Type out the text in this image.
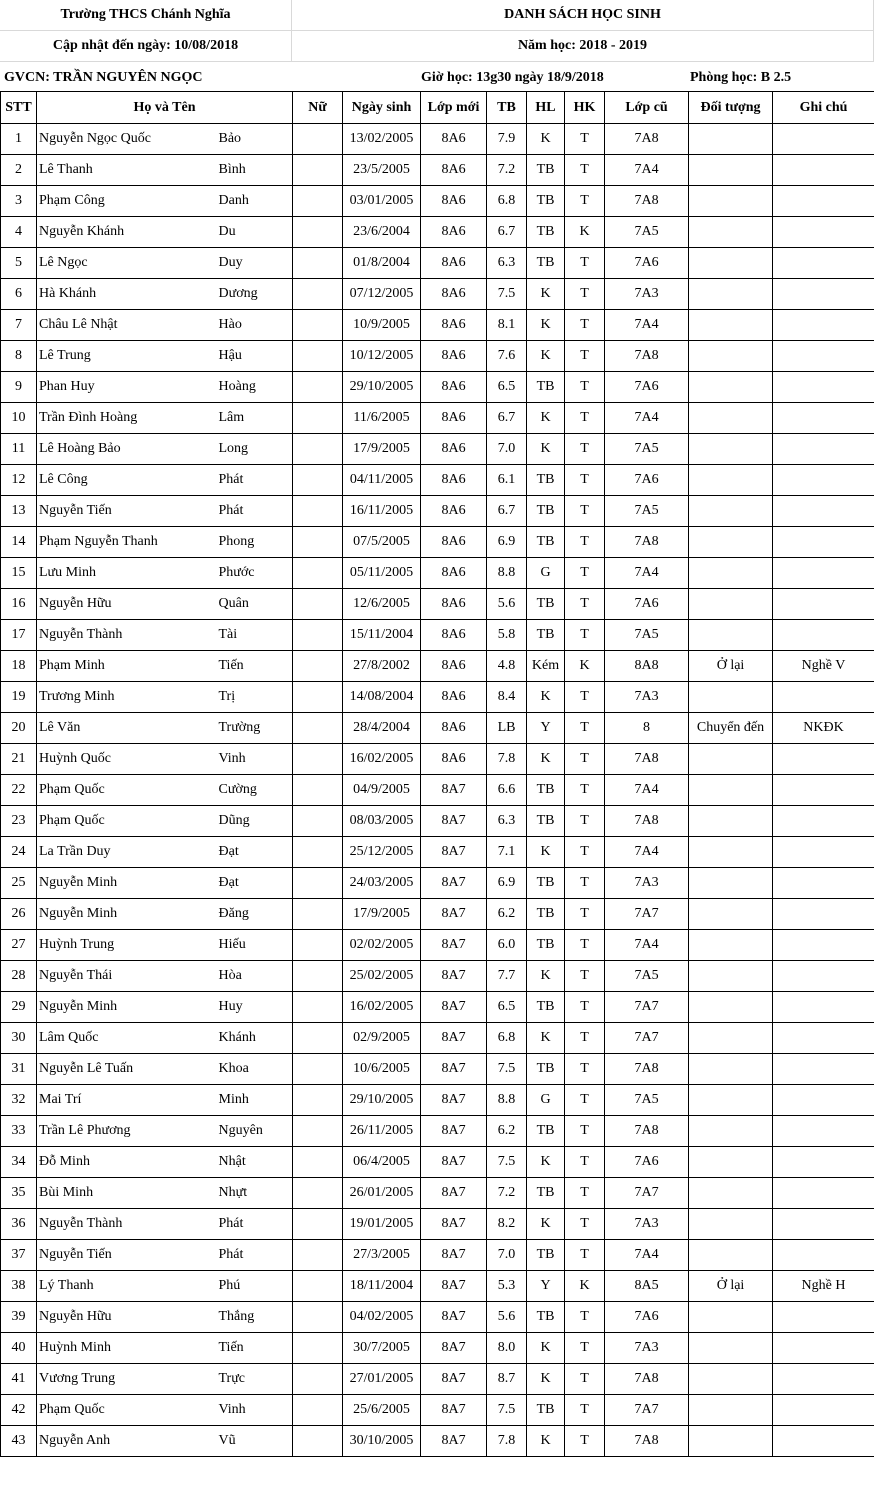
Trường THCS Chánh Nghĩa	DANH SÁCH HỌC SINH
Cập nhật đến ngày: 10/08/2018	Năm học: 2018 - 2019
GVCN: TRẦN NGUYÊN NGỌC	Giờ học: 13g30 ngày 18/9/2018	Phòng học: B 2.5
STT	Họ và Tên		Nữ	Ngày sinh	Lớp mới	TB	HL	HK	Lớp cũ	Đối tượng	Ghi chú
1	Nguyễn Ngọc Quốc	Bảo		13/02/2005	8A6	7.9	K	T	7A8		
2	Lê Thanh	Bình		23/5/2005	8A6	7.2	TB	T	7A4		
3	Phạm Công	Danh		03/01/2005	8A6	6.8	TB	T	7A8		
4	Nguyễn Khánh	Du		23/6/2004	8A6	6.7	TB	K	7A5		
5	Lê Ngọc	Duy		01/8/2004	8A6	6.3	TB	T	7A6		
6	Hà Khánh	Dương		07/12/2005	8A6	7.5	K	T	7A3		
7	Châu Lê Nhật	Hào		10/9/2005	8A6	8.1	K	T	7A4		
8	Lê Trung	Hậu		10/12/2005	8A6	7.6	K	T	7A8		
9	Phan Huy	Hoàng		29/10/2005	8A6	6.5	TB	T	7A6		
10	Trần Đình Hoàng	Lâm		11/6/2005	8A6	6.7	K	T	7A4		
11	Lê Hoàng Bảo	Long		17/9/2005	8A6	7.0	K	T	7A5		
12	Lê Công	Phát		04/11/2005	8A6	6.1	TB	T	7A6		
13	Nguyễn Tiến	Phát		16/11/2005	8A6	6.7	TB	T	7A5		
14	Phạm Nguyễn Thanh	Phong		07/5/2005	8A6	6.9	TB	T	7A8		
15	Lưu Minh	Phước		05/11/2005	8A6	8.8	G	T	7A4		
16	Nguyễn Hữu	Quân		12/6/2005	8A6	5.6	TB	T	7A6		
17	Nguyễn Thành	Tài		15/11/2004	8A6	5.8	TB	T	7A5		
18	Phạm Minh	Tiến		27/8/2002	8A6	4.8	Kém	K	8A8	Ở lại	Nghề V
19	Trương Minh	Trị		14/08/2004	8A6	8.4	K	T	7A3		
20	Lê Văn	Trường		28/4/2004	8A6	LB	Y	T	8	Chuyển đến	NKĐK
21	Huỳnh Quốc	Vinh		16/02/2005	8A6	7.8	K	T	7A8		
22	Phạm Quốc	Cường		04/9/2005	8A7	6.6	TB	T	7A4		
23	Phạm Quốc	Dũng		08/03/2005	8A7	6.3	TB	T	7A8		
24	La Trần Duy	Đạt		25/12/2005	8A7	7.1	K	T	7A4		
25	Nguyễn Minh	Đạt		24/03/2005	8A7	6.9	TB	T	7A3		
26	Nguyễn Minh	Đăng		17/9/2005	8A7	6.2	TB	T	7A7		
27	Huỳnh Trung	Hiếu		02/02/2005	8A7	6.0	TB	T	7A4		
28	Nguyễn Thái	Hòa		25/02/2005	8A7	7.7	K	T	7A5		
29	Nguyễn Minh	Huy		16/02/2005	8A7	6.5	TB	T	7A7		
30	Lâm Quốc	Khánh		02/9/2005	8A7	6.8	K	T	7A7		
31	Nguyễn Lê Tuấn	Khoa		10/6/2005	8A7	7.5	TB	T	7A8		
32	Mai Trí	Minh		29/10/2005	8A7	8.8	G	T	7A5		
33	Trần Lê Phương	Nguyên		26/11/2005	8A7	6.2	TB	T	7A8		
34	Đỗ Minh	Nhật		06/4/2005	8A7	7.5	K	T	7A6		
35	Bùi Minh	Nhựt		26/01/2005	8A7	7.2	TB	T	7A7		
36	Nguyễn Thành	Phát		19/01/2005	8A7	8.2	K	T	7A3		
37	Nguyễn Tiến	Phát		27/3/2005	8A7	7.0	TB	T	7A4		
38	Lý Thanh	Phú		18/11/2004	8A7	5.3	Y	K	8A5	Ở lại	Nghề H
39	Nguyễn Hữu	Thắng		04/02/2005	8A7	5.6	TB	T	7A6		
40	Huỳnh Minh	Tiến		30/7/2005	8A7	8.0	K	T	7A3		
41	Vương Trung	Trực		27/01/2005	8A7	8.7	K	T	7A8		
42	Phạm Quốc	Vinh		25/6/2005	8A7	7.5	TB	T	7A7		
43	Nguyễn Anh	Vũ		30/10/2005	8A7	7.8	K	T	7A8		
